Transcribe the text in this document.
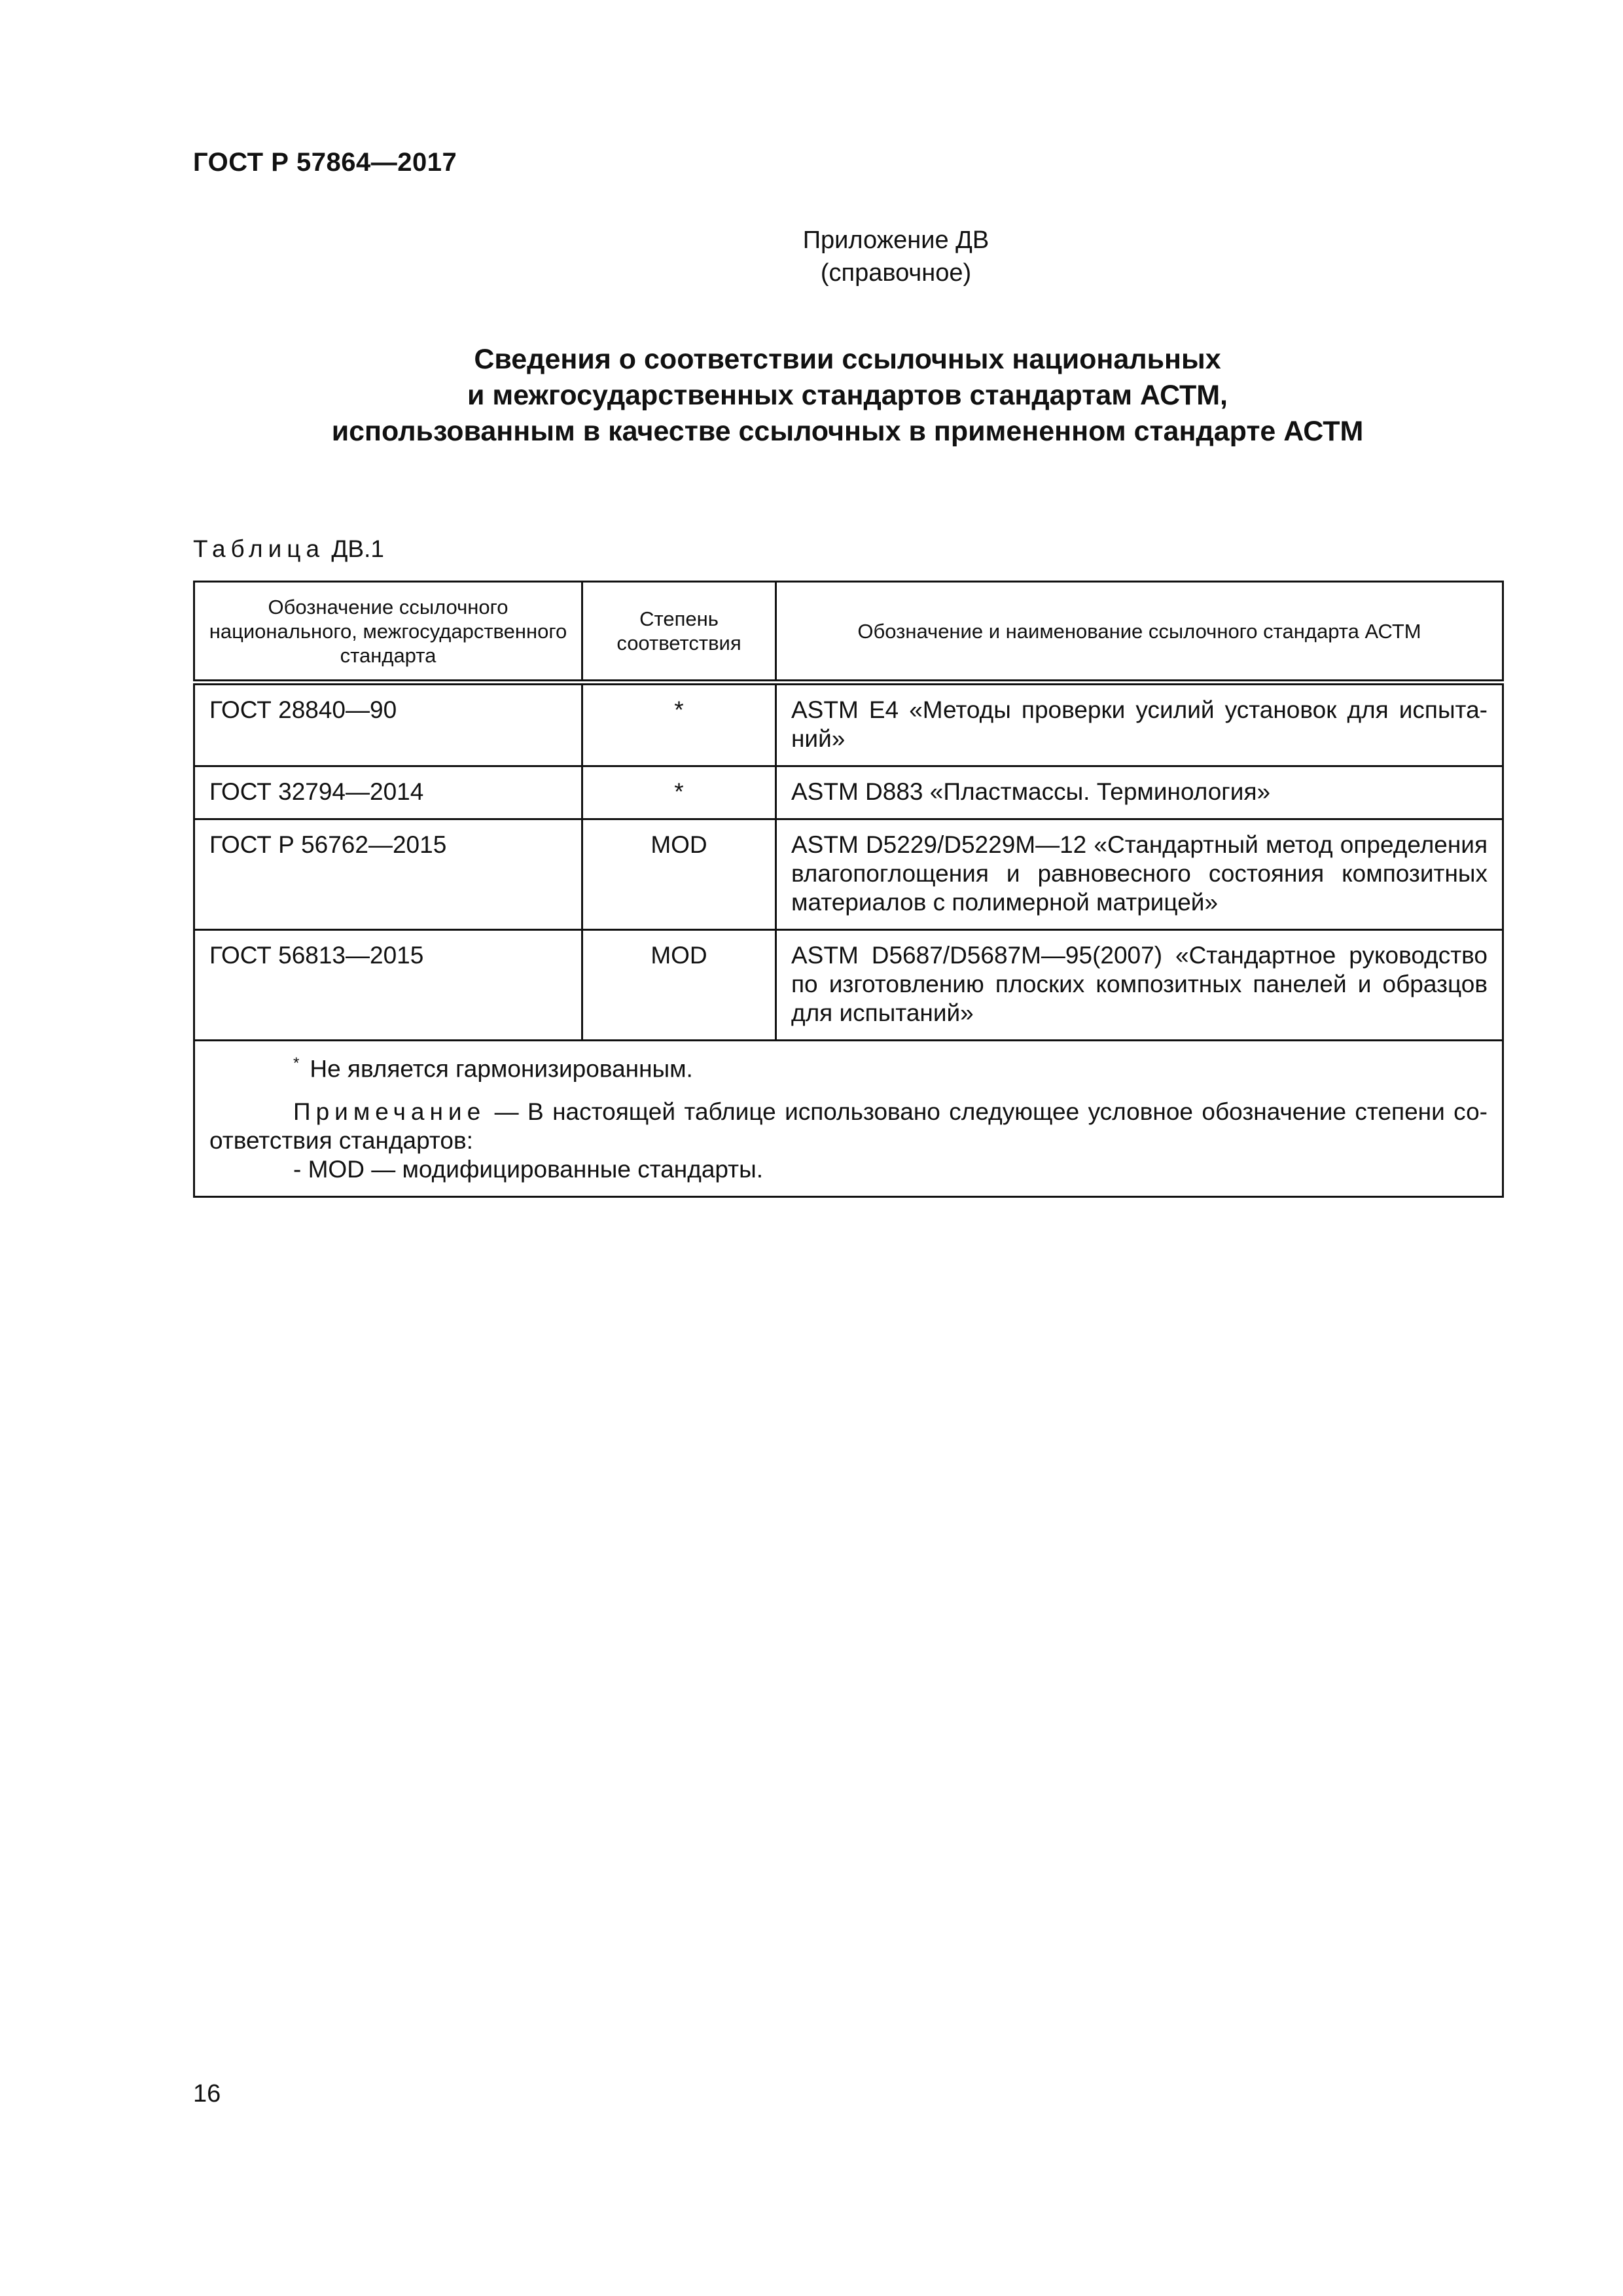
ГОСТ Р 57864—2017
Приложение ДВ
(справочное)
Сведения о соответствии ссылочных национальных
и межгосударственных стандартов стандартам АСТМ,
использованным в качестве ссылочных в примененном стандарте АСТМ
Таблица ДВ.1
Обозначение ссылочного национального, межгосударственного стандарта	Степень соответствия	Обозначение и наименование ссылочного стандарта АСТМ
ГОСТ 28840—90	*	ASTM E4 «Методы проверки усилий установок для испытаний»
ГОСТ 32794—2014	*	ASTM D883 «Пластмассы. Терминология»
ГОСТ Р 56762—2015	MOD	ASTM D5229/D5229M—12 «Стандартный метод определения влагопоглощения и равновесного состояния композитных материалов с полимерной матрицей»
ГОСТ 56813—2015	MOD	ASTM D5687/D5687M—95(2007) «Стандартное руководство по изготовлению плоских композитных панелей и образцов для испытаний»

* Не является гармонизированным.
Примечание — В настоящей таблице использовано следующее условное обозначение степени соответствия стандартов:
- MOD — модифицированные стандарты.		
16
